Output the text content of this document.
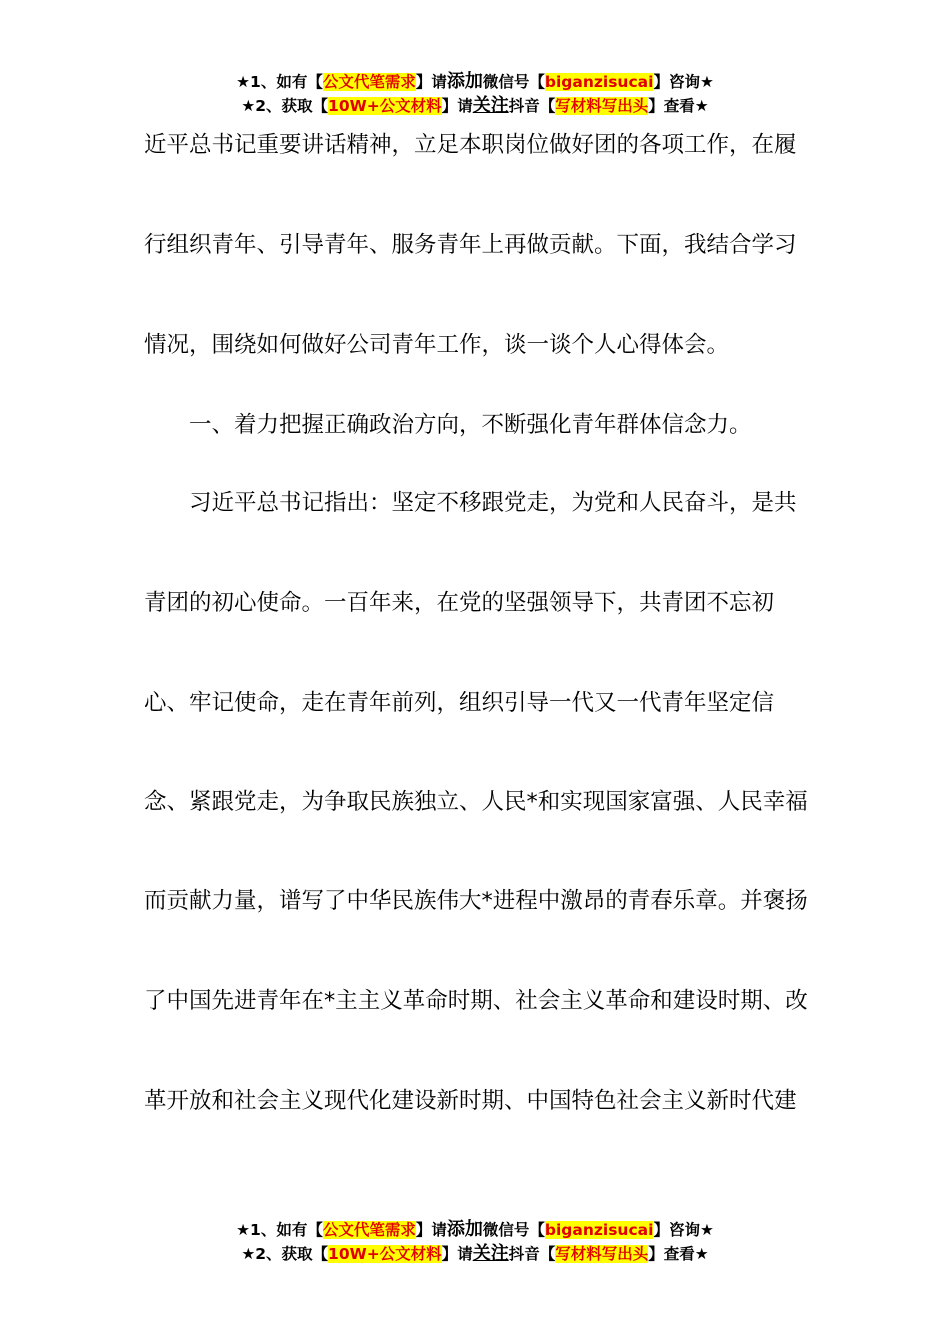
★1、如有【公文代笔需求】请添加微信号【biganzisucai】咨询★
★2、获取【10W+公文材料】请关注抖音【写材料写出头】查看★
近平总书记重要讲话精神，立足本职岗位做好团的各项工作，在履
行组织青年、引导青年、服务青年上再做贡献。下面，我结合学习
情况，围绕如何做好公司青年工作，谈一谈个人心得体会。
一、着力把握正确政治方向，不断强化青年群体信念力。
习近平总书记指出：坚定不移跟党走，为党和人民奋斗，是共
青团的初心使命。一百年来，在党的坚强领导下，共青团不忘初
心、牢记使命，走在青年前列，组织引导一代又一代青年坚定信
念、紧跟党走，为争取民族独立、人民*和实现国家富强、人民幸福
而贡献力量，谱写了中华民族伟大*进程中激昂的青春乐章。并褒扬
了中国先进青年在*主主义革命时期、社会主义革命和建设时期、改
革开放和社会主义现代化建设新时期、中国特色社会主义新时代建
★1、如有【公文代笔需求】请添加微信号【biganzisucai】咨询★
★2、获取【10W+公文材料】请关注抖音【写材料写出头】查看★
